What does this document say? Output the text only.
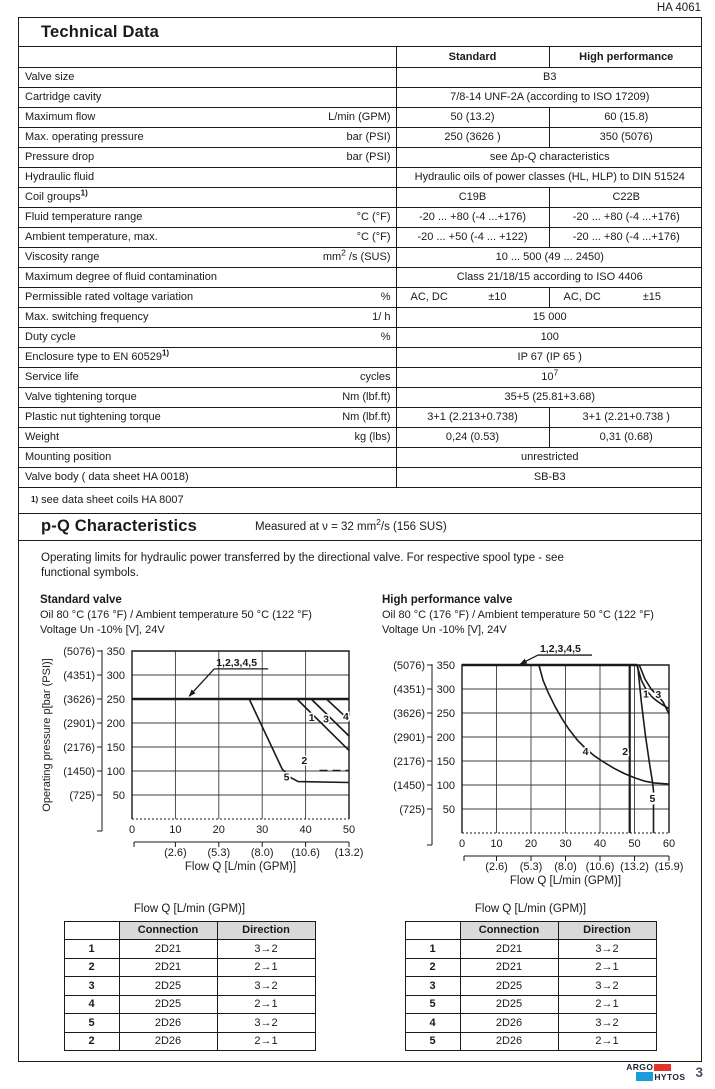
HA 4061
Technical Data
	Standard	High performance

Valve size	B3	

Cartridge cavity	7/8-14 UNF-2A (according to ISO 17209)	

Maximum flow L/min (GPM)	50 (13.2)	60 (15.8)

Max. operating pressure bar (PSI)	250 (3626 )	350 (5076)

Pressure drop bar (PSI)	see Δp-Q characteristics	

Hydraulic fluid	Hydraulic oils of power classes (HL, HLP) to DIN 51524	

Coil groups$^{1)}$	C19B	C22B

Fluid temperature range °C (°F)	-20 ... +80 (-4 ...+176)	-20 ... +80 (-4 ...+176)

Ambient temperature, max. °C (°F)	-20 ... +50 (-4 ... +122)	-20 ... +80 (-4 ...+176)

Viscosity range $mm^2$ /s (SUS)	10 ... 500 (49 ... 2450)	

Maximum degree of fluid contamination	Class 21/18/15 according to ISO 4406	

Permissible rated voltage variation %	AC, DC ±10	AC, DC ±15

Max. switching frequency 1/ h	15 000	

Duty cycle %	100	

Enclosure type to EN 60529$^{1)}$	IP 67 (IP 65 )	

Service life cycles	$10^7$

Valve tightening torque Nm (lbf.ft)	35+5 (25.81+3.68)	

Plastic nut tightening torque Nm (lbf.ft)	3+1 (2.213+0.738)	3+1 (2.21+0.738 )

Weight kg (lbs)	0,24 (0.53)	0,31 (0.68)

Mounting position	unrestricted	

Valve body ( data sheet HA 0018)	SB-B3	
1) see data sheet coils HA 8007
p-Q Characteristics	Measured at ν = 32 $mm^2/s$ (156 SUS)
Operating limits for hydraulic power transferred by the directional valve. For respective spool type - see functional symbols.
Standard valve
Oil 80 °C (176 °F) / Ambient temperature 50 °C (122 °F)
Voltage Un -10% [V], 24V
50
(725)
100
(1450)
150
(2176)
200
(2901)
250
(3626)
300
(4351)
350
(5076)
0	10	20	30	40	50
(2.6) (5.3) (8.0) (10.6) (13.2)
Flow Q [L/min (GPM)]
Operating pressure p[bar (PSI)]	5
1 3 4
2
1,2,3,4,5
High performance valve
Oil 80 °C (176 °F) / Ambient temperature 50 °C (122 °F)
Voltage Un -10% [V], 24V
50
(725)
100
(1450)
150
(2176)
200
(2901)
250
(3626)
300
(4351)
350
(5076)
0 10 20 30 40 50 60
(2.6) (5.3) (8.0) (10.6) (13.2) (15.9)
Flow Q [L/min (GPM)]
4	2
1 3
5
1,2,3,4,5
Flow Q [L/min (GPM)]
	Connection	Direction
1	2D21	3→2
2	2D21	2→1
3	2D25	3→2
4	2D25	2→1
5	2D26	3→2
2	2D26	2→1
Flow Q [L/min (GPM)]
	Connection	Direction
1	2D21	3→2
2	2D21	2→1
3	2D25	3→2
5	2D25	2→1
4	2D26	3→2
5	2D26	2→1
ARGO
HYTOS 3
